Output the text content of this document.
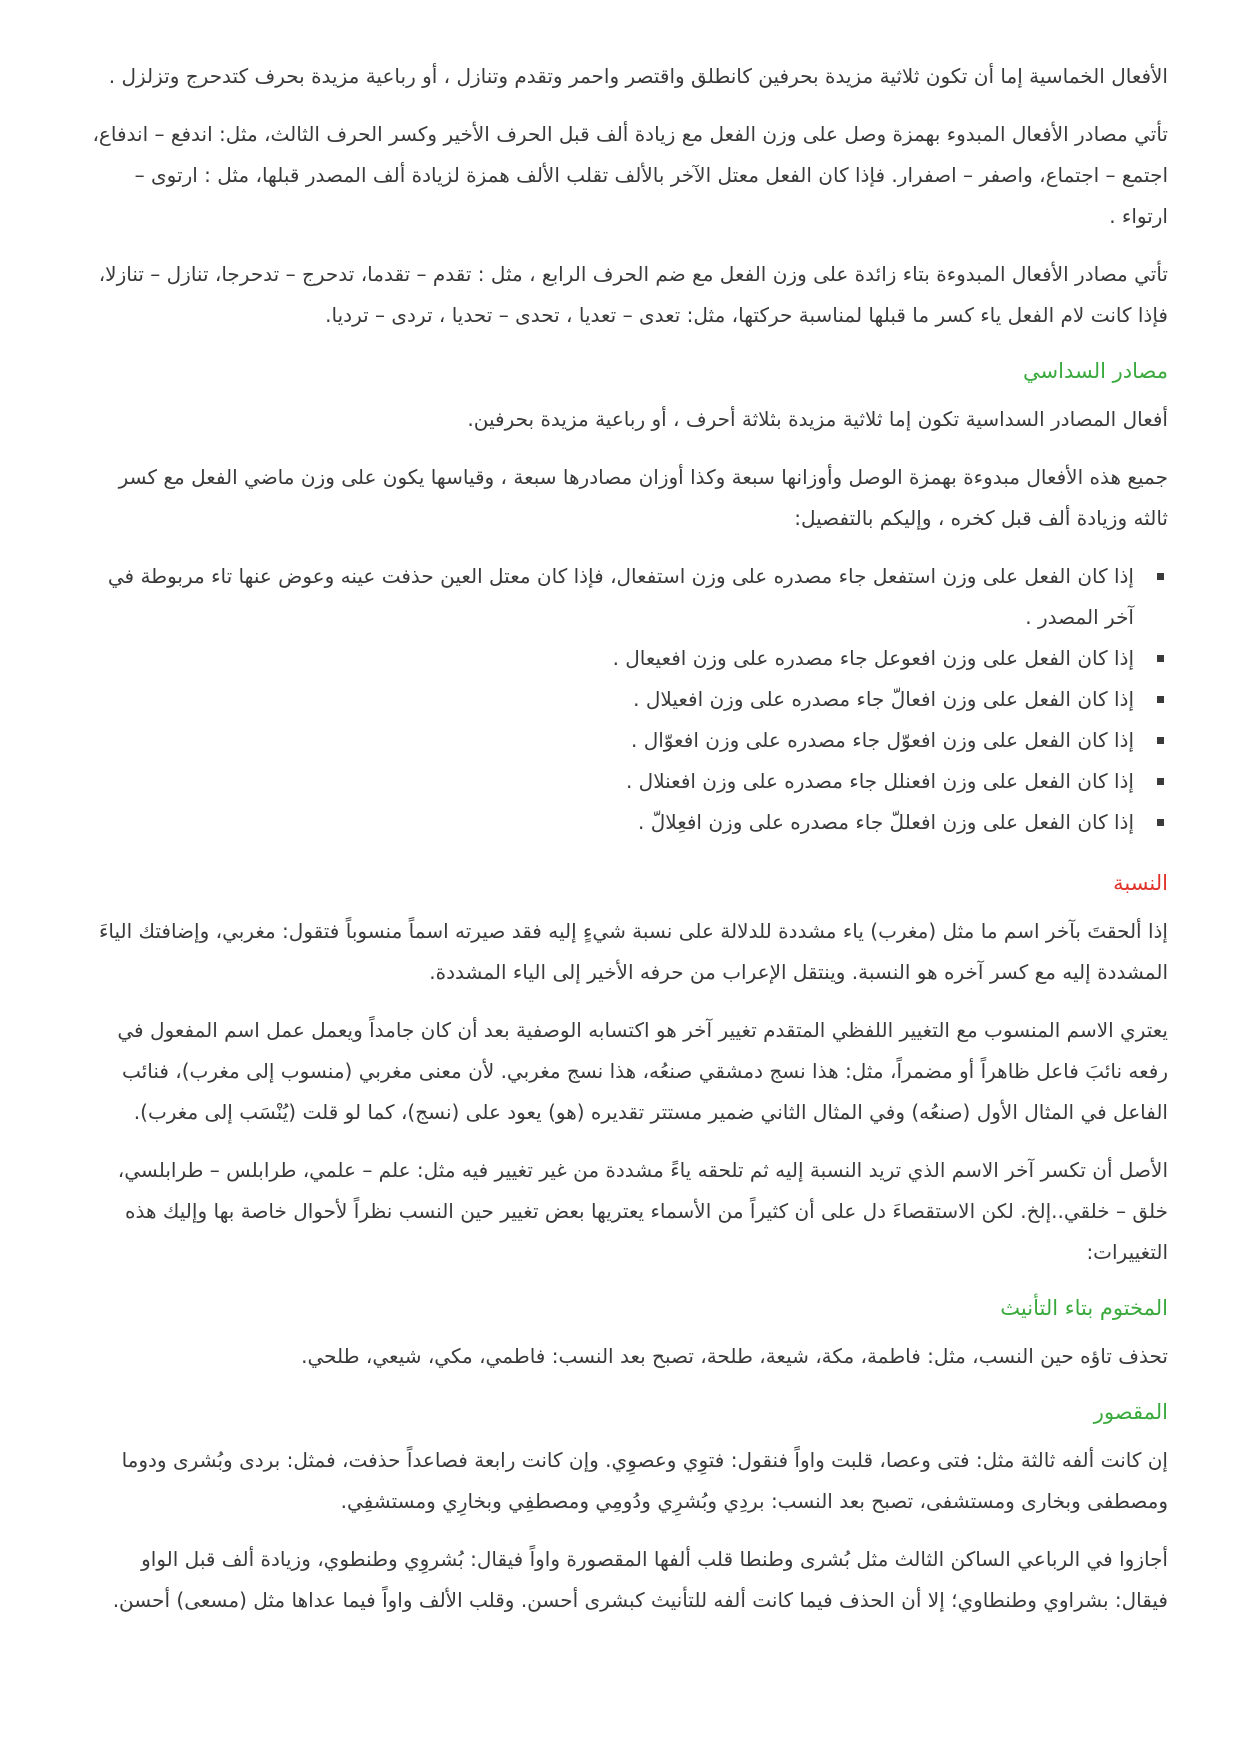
الأفعال الخماسية إما أن تكون ثلاثية مزيدة بحرفين كانطلق واقتصر واحمر وتقدم وتنازل ، أو رباعية مزيدة بحرف كتدحرج وتزلزل .

تأتي مصادر الأفعال المبدوء بهمزة وصل على وزن الفعل مع زيادة ألف قبل الحرف الأخير وكسر الحرف الثالث، مثل: اندفع – اندفاع، اجتمع – اجتماع، واصفر – اصفرار. فإذا كان الفعل معتل الآخر بالألف تقلب الألف همزة لزيادة ألف المصدر قبلها، مثل : ارتوى – ارتواء .

تأتي مصادر الأفعال المبدوءة بتاء زائدة على وزن الفعل مع ضم الحرف الرابع ، مثل : تقدم – تقدما، تدحرج – تدحرجا، تنازل – تنازلا، فإذا كانت لام الفعل ياء كسر ما قبلها لمناسبة حركتها، مثل: تعدى – تعديا ، تحدى – تحديا ، تردى – ترديا.

مصادر السداسي

أفعال المصادر السداسية تكون إما ثلاثية مزيدة بثلاثة أحرف ، أو رباعية مزيدة بحرفين.

جميع هذه الأفعال مبدوءة بهمزة الوصل وأوزانها سبعة وكذا أوزان مصادرها سبعة ، وقياسها يكون على وزن ماضي الفعل مع كسر ثالثه وزيادة ألف قبل كخره ، وإليكم بالتفصيل:

إذا كان الفعل على وزن استفعل جاء مصدره على وزن استفعال، فإذا كان معتل العين حذفت عينه وعوض عنها تاء مربوطة في آخر المصدر .
إذا كان الفعل على وزن افعوعل جاء مصدره على وزن افعيعال .
إذا كان الفعل على وزن افعالّ جاء مصدره على وزن افعيلال .
إذا كان الفعل على وزن افعوّل جاء مصدره على وزن افعوّال .
إذا كان الفعل على وزن افعنلل جاء مصدره على وزن افعنلال .
إذا كان الفعل على وزن افعللّ جاء مصدره على وزن افعِلالّ .
النسبة

إذا ألحقتَ بآخر اسم ما مثل (مغرب) ياء مشددة للدلالة على نسبة شيءٍ إليه فقد صيرته اسماً منسوباً فتقول: مغربي، وإضافتك الياءَ المشددة إليه مع كسر آخره هو النسبة. وينتقل الإعراب من حرفه الأخير إلى الياء المشددة.

يعتري الاسم المنسوب مع التغيير اللفظي المتقدم تغيير آخر هو اكتسابه الوصفية بعد أن كان جامداً ويعمل عمل اسم المفعول في رفعه نائبَ فاعل ظاهراً أو مضمراً، مثل: هذا نسج دمشقي صنعُه، هذا نسج مغربي. لأن معنى مغربي (منسوب إلى مغرب)، فنائب الفاعل في المثال الأول (صنعُه) وفي المثال الثاني ضمير مستتر تقديره (هو) يعود على (نسج)، كما لو قلت (يُنْسَب إلى مغرب).

الأصل أن تكسر آخر الاسم الذي تريد النسبة إليه ثم تلحقه ياءً مشددة من غير تغيير فيه مثل: علم – علمي، طرابلس – طرابلسي، خلق – خلقي..إلخ. لكن الاستقصاءَ دل على أن كثيراً من الأسماء يعتريها بعض تغيير حين النسب نظراً لأحوال خاصة بها وإليك هذه التغييرات:

المختوم بتاء التأنيث

تحذف تاؤه حين النسب، مثل: فاطمة، مكة، شيعة، طلحة، تصبح بعد النسب: فاطمي، مكي، شيعي، طلحي.

المقصور

إن كانت ألفه ثالثة مثل: فتى وعصا، قلبت واواً فنقول: فتوِي وعصوِي. وإن كانت رابعة فصاعداً حذفت، فمثل: بردى وبُشرى ودوما ومصطفى وبخارى ومستشفى، تصبح بعد النسب: بردِي وبُشرِي ودُومِي ومصطفِي وبخارِي ومستشفِي.

أجازوا في الرباعي الساكن الثالث مثل بُشرى وطنطا قلب ألفها المقصورة واواً فيقال: بُشروِي وطنطوي، وزيادة ألف قبل الواو فيقال: بشراوي وطنطاوي؛ إلا أن الحذف فيما كانت ألفه للتأنيث كبشرى أحسن. وقلب الألف واواً فيما عداها مثل (مسعى) أحسن.
